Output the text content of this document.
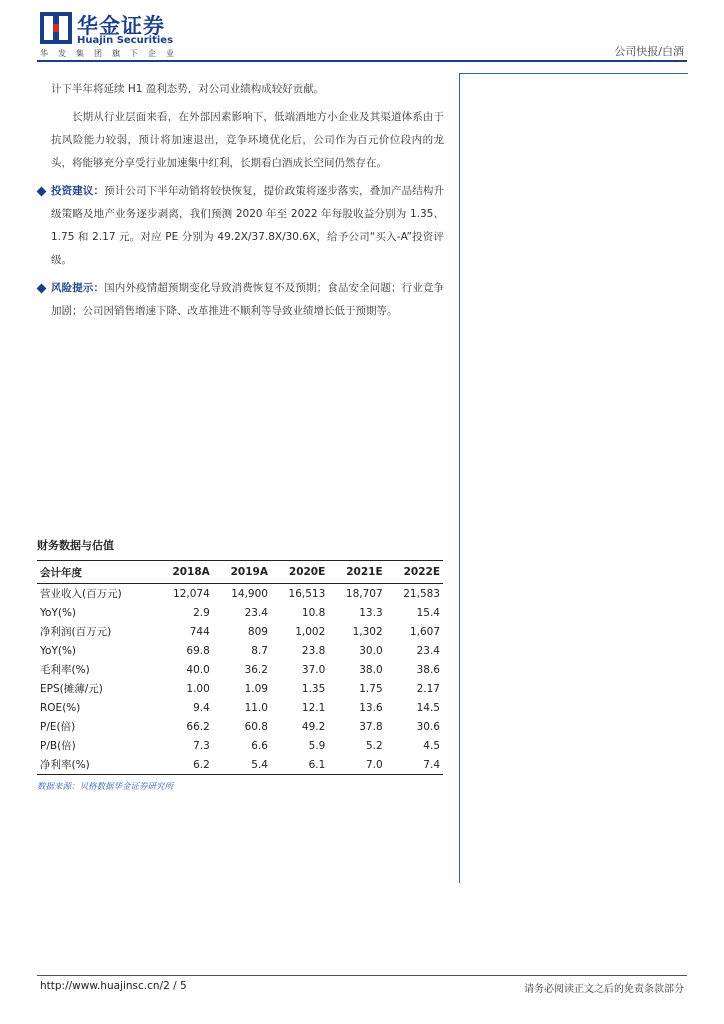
华金证券
Huajin Securities
华发集团旗下企业	公司快报/白酒

计下半年将延续 H1 盈利态势，对公司业绩构成较好贡献。

长期从行业层面来看，在外部因素影响下，低端酒地方小企业及其渠道体系由于抗风险能力较弱，预计将加速退出，竞争环境优化后，公司作为百元价位段内的龙头，将能够充分享受行业加速集中红利，长期看白酒成长空间仍然存在。

投资建议：预计公司下半年动销将较快恢复，提价政策将逐步落实，叠加产品结构升级策略及地产业务逐步剥离，我们预测 2020 年至 2022 年每股收益分别为 1.35、1.75 和 2.17 元。对应 PE 分别为 49.2X/37.8X/30.6X，给予公司“买入-A”投资评级。

风险提示：国内外疫情超预期变化导致消费恢复不及预期；食品安全问题；行业竞争加剧；公司因销售增速下降、改革推进不顺利等导致业绩增长低于预期等。

财务数据与估值
会计年度	2018A	2019A	2020E	2021E	2022E
营业收入(百万元)	12,074	14,900	16,513	18,707	21,583
YoY(%)	2.9	23.4	10.8	13.3	15.4
净利润(百万元)	744	809	1,002	1,302	1,607
YoY(%)	69.8	8.7	23.8	30.0	23.4
毛利率(%)	40.0	36.2	37.0	38.0	38.6
EPS(摊薄/元)	1.00	1.09	1.35	1.75	2.17
ROE(%)	9.4	11.0	12.1	13.6	14.5
P/E(倍)	66.2	60.8	49.2	37.8	30.6
P/B(倍)	7.3	6.6	5.9	5.2	4.5
净利率(%)	6.2	5.4	6.1	7.0	7.4
数据来源：贝格数据华金证券研究所
http://www.huajinsc.cn/2 / 5	请务必阅读正文之后的免责条款部分
